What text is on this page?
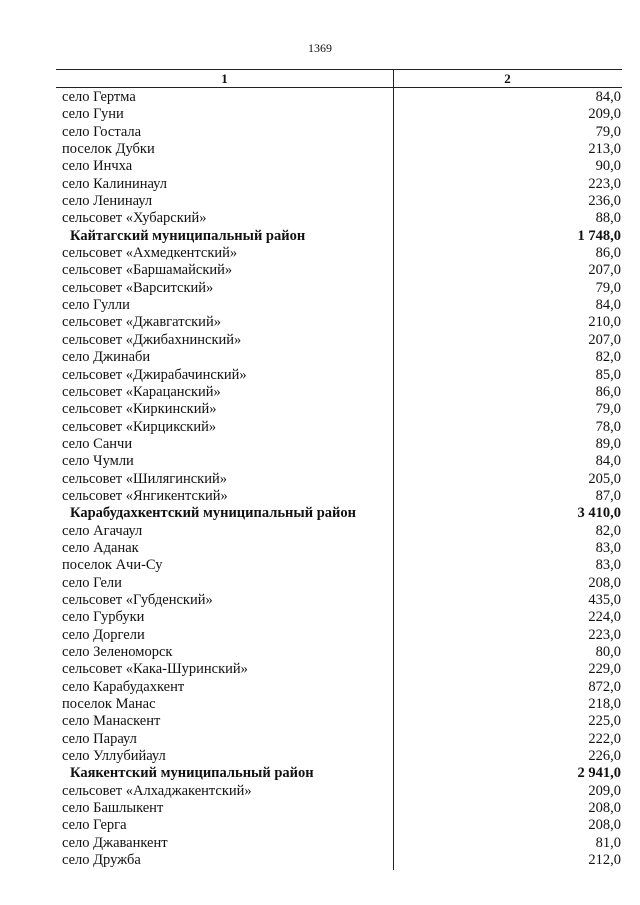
1369
1	2
село Гертма	84,0
село Гуни	209,0
село Гостала	79,0
поселок Дубки	213,0
село Инчха	90,0
село Калининаул	223,0
село Ленинаул	236,0
сельсовет «Хубарский»	88,0
Кайтагский муниципальный район	1 748,0
сельсовет «Ахмедкентский»	86,0
сельсовет «Баршамайский»	207,0
сельсовет «Варситский»	79,0
село Гулли	84,0
сельсовет «Джавгатский»	210,0
сельсовет «Джибахнинский»	207,0
село Джинаби	82,0
сельсовет «Джирабачинский»	85,0
сельсовет «Карацанский»	86,0
сельсовет «Киркинский»	79,0
сельсовет «Кирцикский»	78,0
село Санчи	89,0
село Чумли	84,0
сельсовет «Шилягинский»	205,0
сельсовет «Янгикентский»	87,0
Карабудахкентский муниципальный район	3 410,0
село Агачаул	82,0
село Аданак	83,0
поселок Ачи-Су	83,0
село Гели	208,0
сельсовет «Губденский»	435,0
село Гурбуки	224,0
село Доргели	223,0
село Зеленоморск	80,0
сельсовет «Кака-Шуринский»	229,0
село Карабудахкент	872,0
поселок Манас	218,0
село Манаскент	225,0
село Параул	222,0
село Уллубийаул	226,0
Каякентский муниципальный район	2 941,0
сельсовет «Алхаджакентский»	209,0
село Башлыкент	208,0
село Герга	208,0
село Джаванкент	81,0
село Дружба	212,0
